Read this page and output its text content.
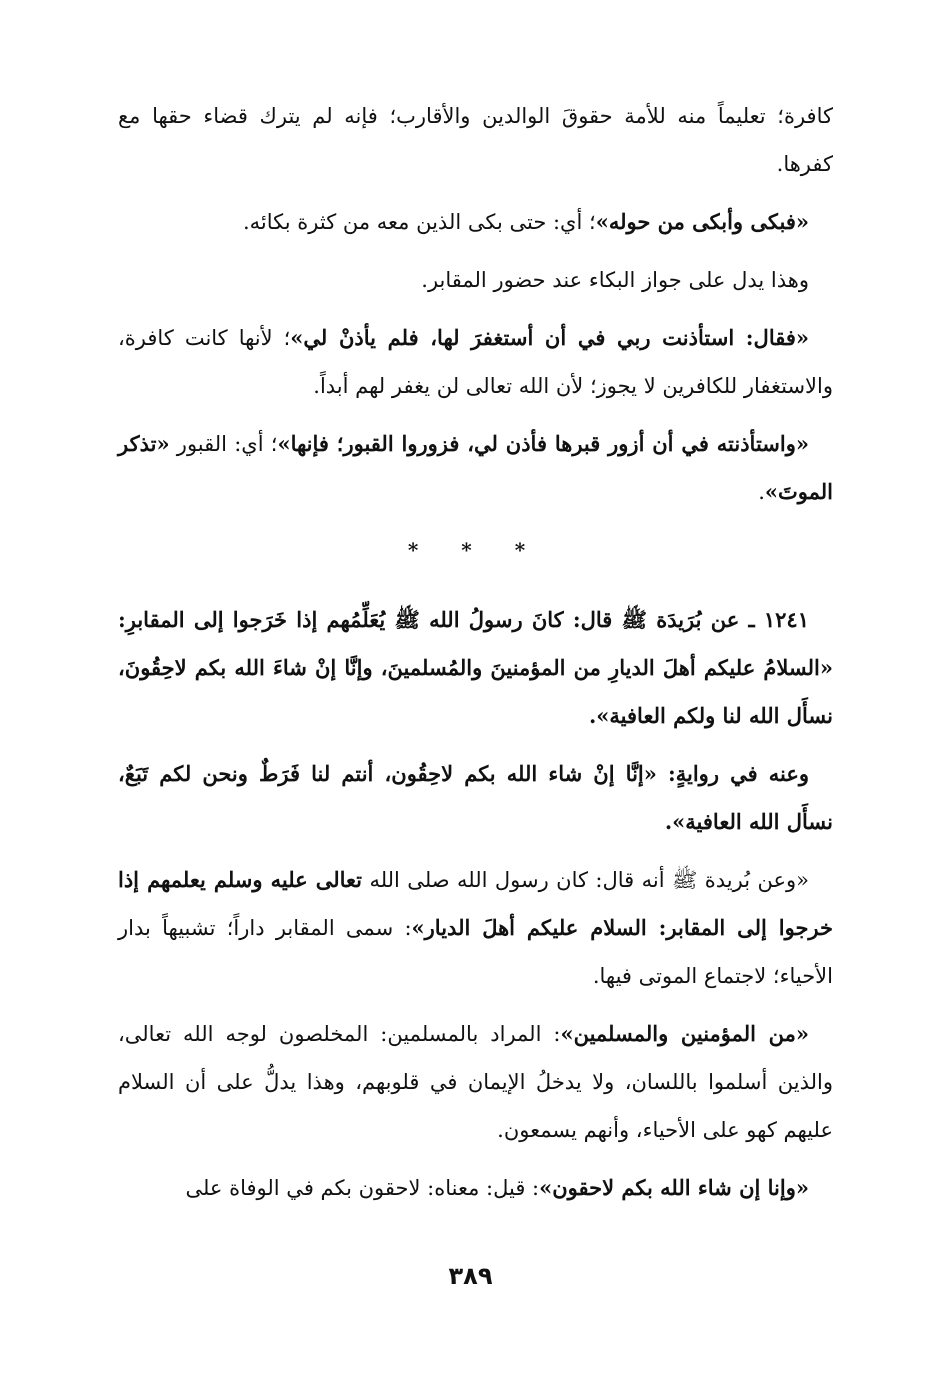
كافرة؛ تعليماً منه للأمة حقوقَ الوالدين والأقارب؛ فإنه لم يترك قضاء حقها مع كفرها.

«فبكى وأبكى من حوله»؛ أي: حتى بكى الذين معه من كثرة بكائه.

وهذا يدل على جواز البكاء عند حضور المقابر.

«فقال: استأذنت ربي في أن أستغفرَ لها، فلم يأذنْ لي»؛ لأنها كانت كافرة، والاستغفار للكافرين لا يجوز؛ لأن الله تعالى لن يغفر لهم أبداً.

«واستأذنته في أن أزور قبرها فأذن لي، فزوروا القبور؛ فإنها»؛ أي: القبور «تذكر الموتَ».

* * *

١٢٤١ ـ عن بُرَيدَة ﷺ قال: كانَ رسولُ الله ﷺ يُعَلِّمُهم إذا خَرَجوا إلى المقابرِ: «السلامُ عليكم أهلَ الديارِ من المؤمنينَ والمُسلمينَ، وإنَّا إنْ شاءَ الله بكم لاحِقُونَ، نسأَل الله لنا ولكم العافية».

وعنه في روايةٍ: «إنَّا إنْ شاء الله بكم لاحِقُون، أنتم لنا فَرَطٌ ونحن لكم تَبَعٌ، نسأَل الله العافية».

«وعن بُريدة ﷺ أنه قال: كان رسول الله صلى الله تعالى عليه وسلم يعلمهم إذا خرجوا إلى المقابر: السلام عليكم أهلَ الديار»: سمى المقابر داراً؛ تشبيهاً بدار الأحياء؛ لاجتماع الموتى فيها.

«من المؤمنين والمسلمين»: المراد بالمسلمين: المخلصون لوجه الله تعالى، والذين أسلموا باللسان، ولا يدخلُ الإيمان في قلوبهم، وهذا يدلُّ على أن السلام عليهم كهو على الأحياء، وأنهم يسمعون.

«وإنا إن شاء الله بكم لاحقون»: قيل: معناه: لاحقون بكم في الوفاة على

٣٨٩
